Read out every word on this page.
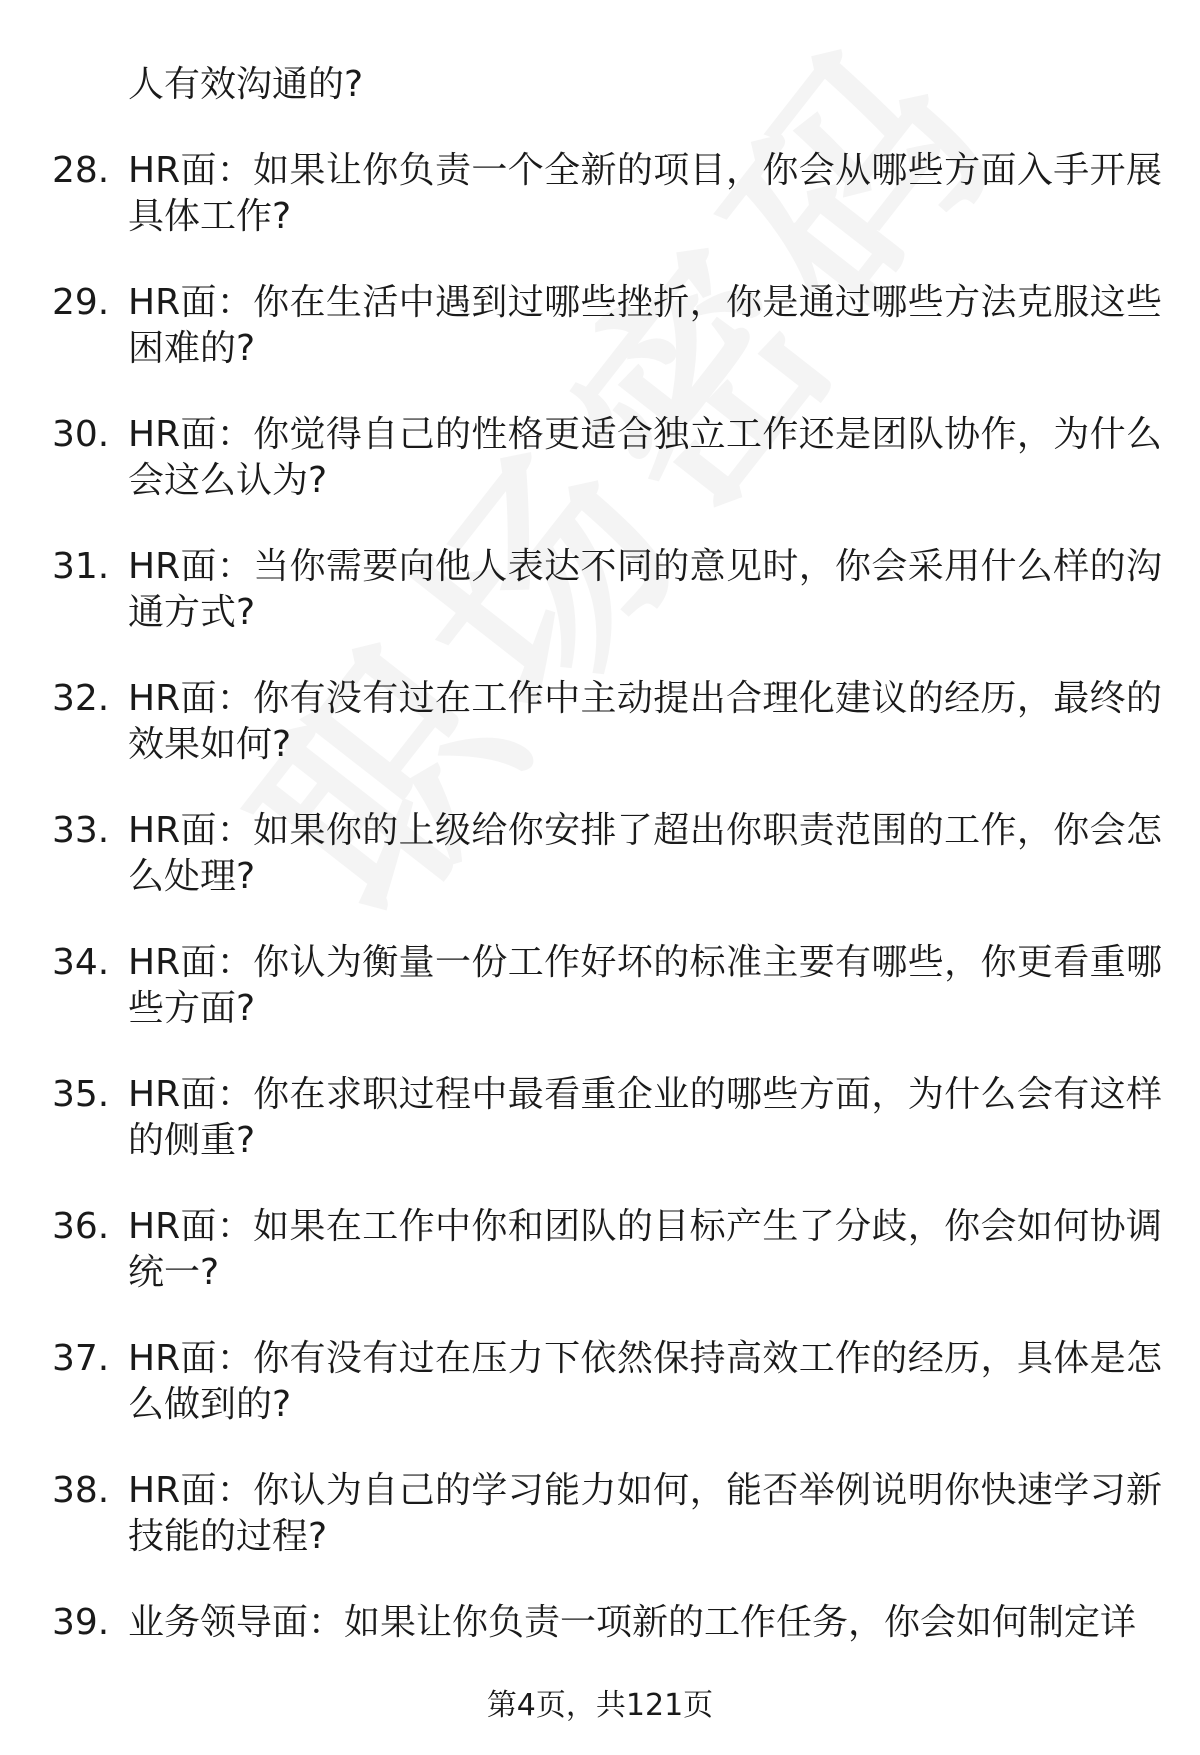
人有效沟通的?
28. HR面：如果让你负责一个全新的项目，你会从哪些方面入手开展具体工作?
29. HR面：你在生活中遇到过哪些挫折，你是通过哪些方法克服这些困难的?
30. HR面：你觉得自己的性格更适合独立工作还是团队协作，为什么会这么认为?
31. HR面：当你需要向他人表达不同的意见时，你会采用什么样的沟通方式?
32. HR面：你有没有过在工作中主动提出合理化建议的经历，最终的效果如何?
33. HR面：如果你的上级给你安排了超出你职责范围的工作，你会怎么处理?
34. HR面：你认为衡量一份工作好坏的标准主要有哪些，你更看重哪些方面?
35. HR面：你在求职过程中最看重企业的哪些方面，为什么会有这样的侧重?
36. HR面：如果在工作中你和团队的目标产生了分歧，你会如何协调统一?
37. HR面：你有没有过在压力下依然保持高效工作的经历，具体是怎么做到的?
38. HR面：你认为自己的学习能力如何，能否举例说明你快速学习新技能的过程?
39. 业务领导面：如果让你负责一项新的工作任务，你会如何制定详
第4页，共121页
